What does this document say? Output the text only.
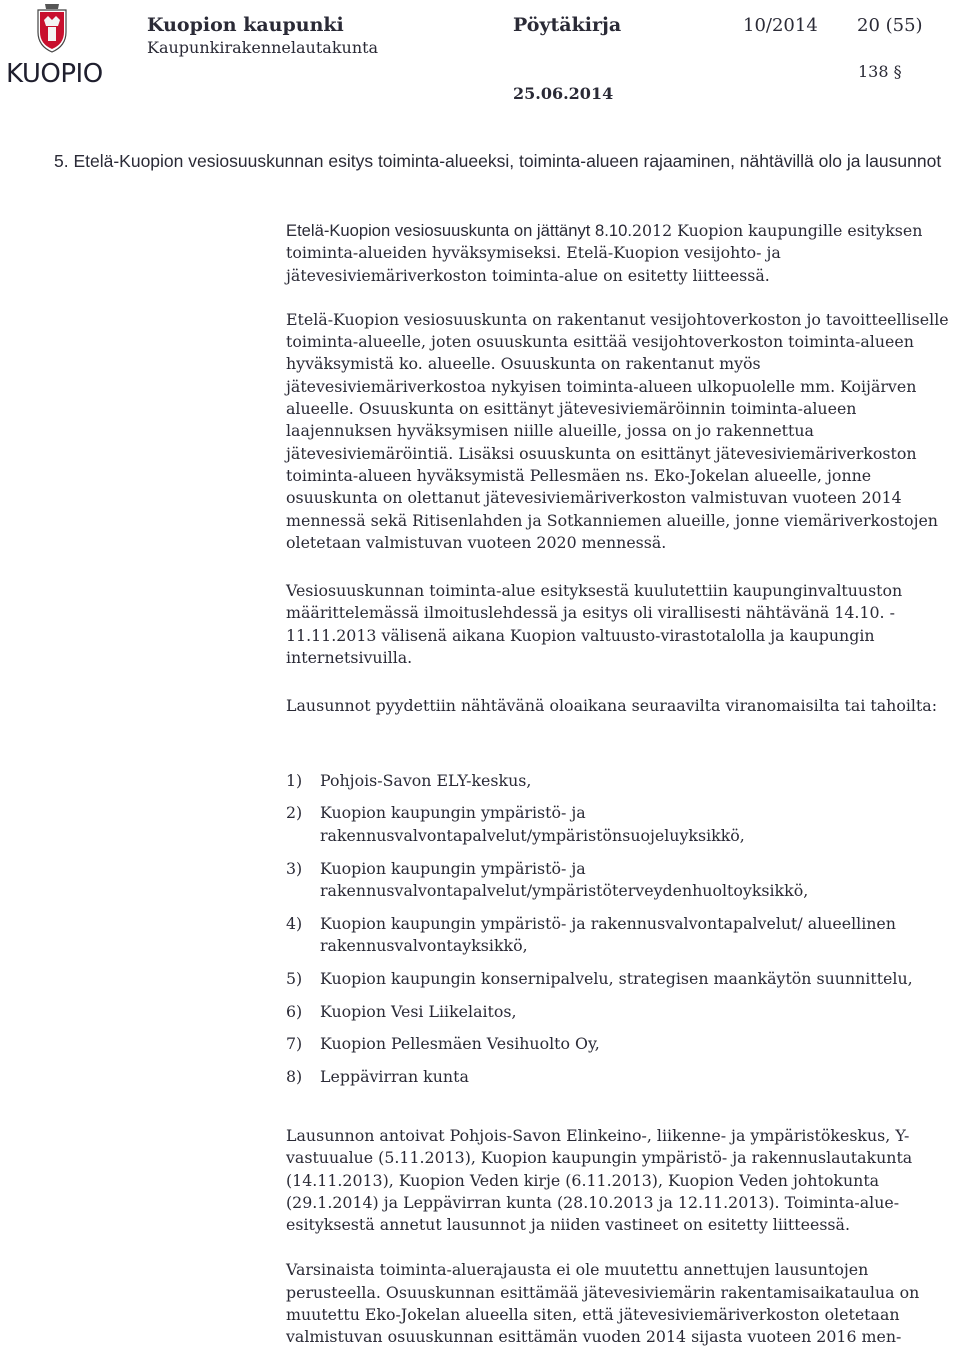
KUOPIO
Kuopion kaupunki
Kaupunkirakennelautakunta
Pöytäkirja	10/2014 20 (55)
138 §
25.06.2014
5. Etelä-Kuopion vesiosuuskunnan esitys toiminta-alueeksi, toiminta-alueen rajaaminen, nähtävillä olo ja lausunnot

Etelä-Kuopion vesiosuuskunta on jättänyt 8.10.2012 Kuopion kaupungille esityksen toiminta-alueiden hyväksymiseksi. Etelä-Kuopion vesijohto- ja jätevesiviemäriverkoston toiminta-alue on esitetty liitteessä.

Etelä-Kuopion vesiosuuskunta on rakentanut vesijohtoverkoston jo tavoitteelliselle toiminta-alueelle, joten osuuskunta esittää vesijohtoverkoston toiminta-alueen hyväksymistä ko. alueelle. Osuuskunta on rakentanut myös jätevesiviemäriverkostoa nykyisen toiminta-alueen ulkopuolelle mm. Koijärven alueelle. Osuuskunta on esittänyt jätevesiviemäröinnin toiminta-alueen laajennuksen hyväksymisen niille alueille, jossa on jo rakennettua jätevesiviemäröintiä. Lisäksi osuuskunta on esittänyt jätevesiviemäriverkoston toiminta-alueen hyväksymistä Pellesmäen ns. Eko-Jokelan alueelle, jonne osuuskunta on olettanut jätevesiviemäriverkoston valmistuvan vuoteen 2014 mennessä sekä Ritisenlahden ja Sotkanniemen alueille, jonne viemäriverkostojen oletetaan valmistuvan vuoteen 2020 mennessä.

Vesiosuuskunnan toiminta-alue esityksestä kuulutettiin kaupunginvaltuuston määrittelemässä ilmoituslehdessä ja esitys oli virallisesti nähtävänä 14.10. - 11.11.2013 välisenä aikana Kuopion valtuusto-virastotalolla ja kaupungin internetsivuilla.

Lausunnot pyydettiin nähtävänä oloaikana seuraavilta viranomaisilta tai tahoilta:

1) Pohjois-Savon ELY-keskus,
2) Kuopion kaupungin ympäristö- ja rakennusvalvontapalvelut/ympäristönsuojeluyksikkö,
3) Kuopion kaupungin ympäristö- ja rakennusvalvontapalvelut/ympäristöterveydenhuoltoyksikkö,
4) Kuopion kaupungin ympäristö- ja rakennusvalvontapalvelut/ alueellinen rakennusvalvontayksikkö,
5) Kuopion kaupungin konsernipalvelu, strategisen maankäytön suunnittelu,
6) Kuopion Vesi Liikelaitos,
7) Kuopion Pellesmäen Vesihuolto Oy,
8) Leppävirran kunta

Lausunnon antoivat Pohjois-Savon Elinkeino-, liikenne- ja ympäristökeskus, Y-vastuualue (5.11.2013), Kuopion kaupungin ympäristö- ja rakennuslautakunta (14.11.2013), Kuopion Veden kirje (6.11.2013), Kuopion Veden johtokunta (29.1.2014) ja Leppävirran kunta (28.10.2013 ja 12.11.2013). Toiminta-alue-esityksestä annetut lausunnot ja niiden vastineet on esitetty liitteessä.

Varsinaista toiminta-aluerajausta ei ole muutettu annettujen lausuntojen perusteella. Osuuskunnan esittämää jätevesiviemärin rakentamisaikataulua on muutettu Eko-Jokelan alueella siten, että jätevesiviemäriverkoston oletetaan valmistuvan osuuskunnan esittämän vuoden 2014 sijasta vuoteen 2016 men-
